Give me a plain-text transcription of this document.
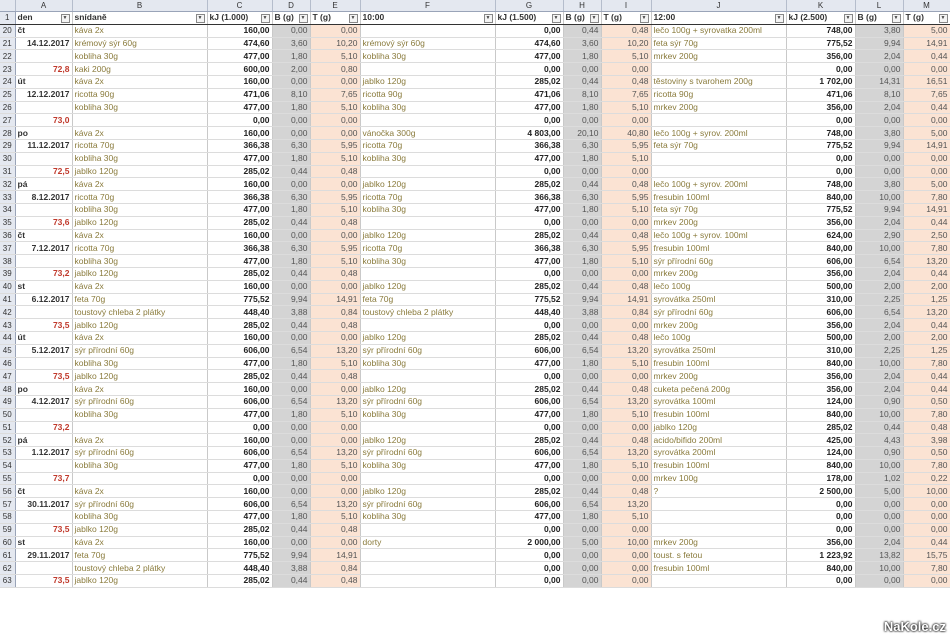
	A	B	C	D	E	F	G	H	I	J	K	L	M
1	den ▼	snídaně ▼	kJ (1.000) ▼	B (g) ▼	T (g) ▼	10:00 ▼	kJ (1.500) ▼	B (g) ▼	T (g) ▼	12:00 ▼	kJ (2.500) ▼	B (g) ▼	T (g) ▼

20	čt	káva 2x	160,00	0,00	0,00		0,00	0,44	0,48	lečo 100g + syrovatka 200ml	748,00	3,80	5,00
21	14.12.2017	krémový sýr 60g	474,60	3,60	10,20	krémový sýr 60g	474,60	3,60	10,20	feta sýr 70g	775,52	9,94	14,91
22		kobliha 30g	477,00	1,80	5,10	kobliha 30g	477,00	1,80	5,10	mrkev 200g	356,00	2,04	0,44
23	72,8	kaki 200g	600,00	2,00	0,80		0,00	0,00	0,00		0,00	0,00	0,00
24	út	káva 2x	160,00	0,00	0,00	jablko 120g	285,02	0,44	0,48	těstoviny s tvarohem 200g	1 702,00	14,31	16,51
25	12.12.2017	ricotta 90g	471,06	8,10	7,65	ricotta 90g	471,06	8,10	7,65	ricotta 90g	471,06	8,10	7,65
26		kobliha 30g	477,00	1,80	5,10	kobliha 30g	477,00	1,80	5,10	mrkev 200g	356,00	2,04	0,44
27	73,0		0,00	0,00	0,00		0,00	0,00	0,00		0,00	0,00	0,00
28	po	káva 2x	160,00	0,00	0,00	vánočka 300g	4 803,00	20,10	40,80	lečo 100g + syrov. 200ml	748,00	3,80	5,00
29	11.12.2017	ricotta 70g	366,38	6,30	5,95	ricotta 70g	366,38	6,30	5,95	feta sýr 70g	775,52	9,94	14,91
30		kobliha 30g	477,00	1,80	5,10	kobliha 30g	477,00	1,80	5,10		0,00	0,00	0,00
31	72,5	jablko 120g	285,02	0,44	0,48		0,00	0,00	0,00		0,00	0,00	0,00
32	pá	káva 2x	160,00	0,00	0,00	jablko 120g	285,02	0,44	0,48	lečo 100g + syrov. 200ml	748,00	3,80	5,00
33	8.12.2017	ricotta 70g	366,38	6,30	5,95	ricotta 70g	366,38	6,30	5,95	fresubin 100ml	840,00	10,00	7,80
34		kobliha 30g	477,00	1,80	5,10	kobliha 30g	477,00	1,80	5,10	feta sýr 70g	775,52	9,94	14,91
35	73,6	jablko 120g	285,02	0,44	0,48		0,00	0,00	0,00	mrkev 200g	356,00	2,04	0,44
36	čt	káva 2x	160,00	0,00	0,00	jablko 120g	285,02	0,44	0,48	lečo 100g + syrov. 100ml	624,00	2,90	2,50
37	7.12.2017	ricotta 70g	366,38	6,30	5,95	ricotta 70g	366,38	6,30	5,95	fresubin 100ml	840,00	10,00	7,80
38		kobliha 30g	477,00	1,80	5,10	kobliha 30g	477,00	1,80	5,10	sýr přírodní 60g	606,00	6,54	13,20
39	73,2	jablko 120g	285,02	0,44	0,48		0,00	0,00	0,00	mrkev 200g	356,00	2,04	0,44
40	st	káva 2x	160,00	0,00	0,00	jablko 120g	285,02	0,44	0,48	lečo 100g	500,00	2,00	2,00
41	6.12.2017	feta 70g	775,52	9,94	14,91	feta 70g	775,52	9,94	14,91	syrovátka 250ml	310,00	2,25	1,25
42		toustový chleba 2 plátky	448,40	3,88	0,84	toustový chleba 2 plátky	448,40	3,88	0,84	sýr přírodní 60g	606,00	6,54	13,20
43	73,5	jablko 120g	285,02	0,44	0,48		0,00	0,00	0,00	mrkev 200g	356,00	2,04	0,44
44	út	káva 2x	160,00	0,00	0,00	jablko 120g	285,02	0,44	0,48	lečo 100g	500,00	2,00	2,00
45	5.12.2017	sýr přírodní 60g	606,00	6,54	13,20	sýr přírodní 60g	606,00	6,54	13,20	syrovátka 250ml	310,00	2,25	1,25
46		kobliha 30g	477,00	1,80	5,10	kobliha 30g	477,00	1,80	5,10	fresubin 100ml	840,00	10,00	7,80
47	73,5	jablko 120g	285,02	0,44	0,48		0,00	0,00	0,00	mrkev 200g	356,00	2,04	0,44
48	po	káva 2x	160,00	0,00	0,00	jablko 120g	285,02	0,44	0,48	cuketa pečená 200g	356,00	2,04	0,44
49	4.12.2017	sýr přírodní 60g	606,00	6,54	13,20	sýr přírodní 60g	606,00	6,54	13,20	syrovátka 100ml	124,00	0,90	0,50
50		kobliha 30g	477,00	1,80	5,10	kobliha 30g	477,00	1,80	5,10	fresubin 100ml	840,00	10,00	7,80
51	73,2		0,00	0,00	0,00		0,00	0,00	0,00	jablko 120g	285,02	0,44	0,48
52	pá	káva 2x	160,00	0,00	0,00	jablko 120g	285,02	0,44	0,48	acido/bifido 200ml	425,00	4,43	3,98
53	1.12.2017	sýr přírodní 60g	606,00	6,54	13,20	sýr přírodní 60g	606,00	6,54	13,20	syrovátka 200ml	124,00	0,90	0,50
54		kobliha 30g	477,00	1,80	5,10	kobliha 30g	477,00	1,80	5,10	fresubin 100ml	840,00	10,00	7,80
55	73,7		0,00	0,00	0,00		0,00	0,00	0,00	mrkev 100g	178,00	1,02	0,22
56	čt	káva 2x	160,00	0,00	0,00	jablko 120g	285,02	0,44	0,48	?	2 500,00	5,00	10,00
57	30.11.2017	sýr přírodní 60g	606,00	6,54	13,20	sýr přírodní 60g	606,00	6,54	13,20		0,00	0,00	0,00
58		kobliha 30g	477,00	1,80	5,10	kobliha 30g	477,00	1,80	5,10		0,00	0,00	0,00
59	73,5	jablko 120g	285,02	0,44	0,48		0,00	0,00	0,00		0,00	0,00	0,00
60	st	káva 2x	160,00	0,00	0,00	dorty	2 000,00	5,00	10,00	mrkev 200g	356,00	2,04	0,44
61	29.11.2017	feta 70g	775,52	9,94	14,91		0,00	0,00	0,00	toust. s fetou	1 223,92	13,82	15,75
62		toustový chleba 2 plátky	448,40	3,88	0,84		0,00	0,00	0,00	fresubin 100ml	840,00	10,00	7,80
63	73,5	jablko 120g	285,02	0,44	0,48		0,00	0,00	0,00		0,00	0,00	0,00
NaKole.cz
